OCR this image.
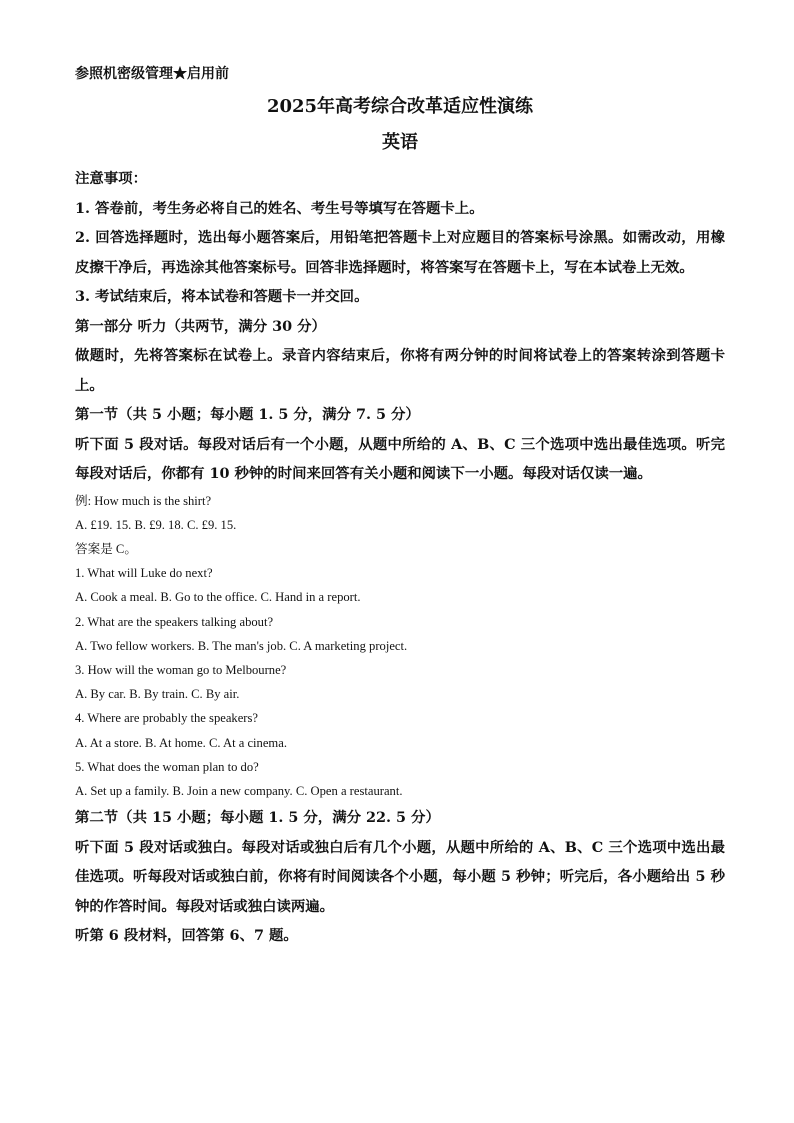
参照机密级管理★启用前
2025年高考综合改革适应性演练
英语
注意事项：
1. 答卷前，考生务必将自己的姓名、考生号等填写在答题卡上。
2. 回答选择题时，选出每小题答案后，用铅笔把答题卡上对应题目的答案标号涂黑。如需改动，用橡皮擦干净后，再选涂其他答案标号。回答非选择题时，将答案写在答题卡上，写在本试卷上无效。
3. 考试结束后，将本试卷和答题卡一并交回。
第一部分 听力（共两节，满分 30 分）
做题时，先将答案标在试卷上。录音内容结束后，你将有两分钟的时间将试卷上的答案转涂到答题卡上。
第一节（共 5 小题；每小题 1. 5 分，满分 7. 5 分）
听下面 5 段对话。每段对话后有一个小题，从题中所给的 A、B、C 三个选项中选出最佳选项。听完每段对话后，你都有 10 秒钟的时间来回答有关小题和阅读下一小题。每段对话仅读一遍。
例: How much is the shirt?
A. £19. 15. B. £9. 18. C. £9. 15.
答案是 C。
1. What will Luke do next?
A. Cook a meal. B. Go to the office. C. Hand in a report.
2. What are the speakers talking about?
A. Two fellow workers. B. The man's job. C. A marketing project.
3. How will the woman go to Melbourne?
A. By car. B. By train. C. By air.
4. Where are probably the speakers?
A. At a store. B. At home. C. At a cinema.
5. What does the woman plan to do?
A. Set up a family. B. Join a new company. C. Open a restaurant.
第二节（共 15 小题；每小题 1. 5 分，满分 22. 5 分）
听下面 5 段对话或独白。每段对话或独白后有几个小题，从题中所给的 A、B、C 三个选项中选出最佳选项。听每段对话或独白前，你将有时间阅读各个小题，每小题 5 秒钟；听完后，各小题给出 5 秒钟的作答时间。每段对话或独白读两遍。
听第 6 段材料，回答第 6、7 题。
